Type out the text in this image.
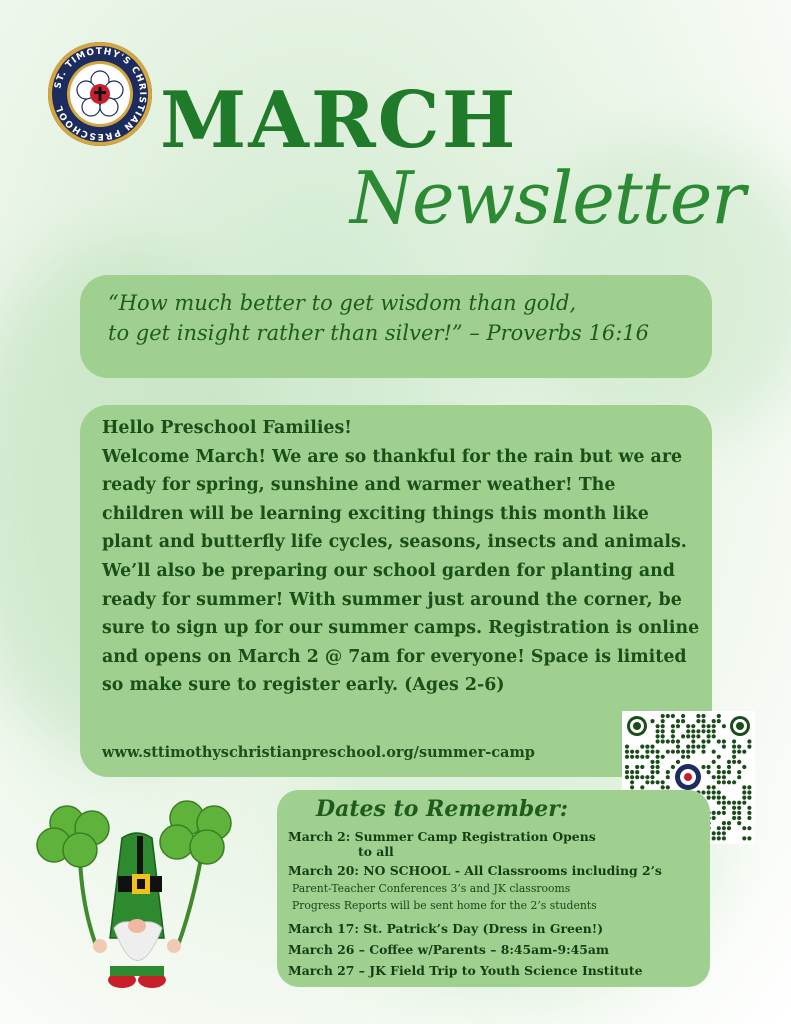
ST. TIMOTHY'S CHRISTIAN PRESCHOOL	MARCH
Newsletter
“How much better to get wisdom than gold,
to get insight rather than silver!” – Proverbs 16:16
Hello Preschool Families!
Welcome March! We are so thankful for the rain but we are ready for spring, sunshine and warmer weather! The children will be learning exciting things this month like plant and butterfly life cycles, seasons, insects and animals. We’ll also be preparing our school garden for planting and ready for summer! With summer just around the corner, be sure to sign up for our summer camps. Registration is online and opens on March 2 @ 7am for everyone! Space is limited so make sure to register early. (Ages 2-6)
www.sttimothyschristianpreschool.org/summer-camp
Dates to Remember:
March 2: Summer Camp Registration Opens
to all
March 20: NO SCHOOL - All Classrooms including 2’s
Parent-Teacher Conferences 3’s and JK classrooms
Progress Reports will be sent home for the 2’s students
March 17: St. Patrick’s Day (Dress in Green!)
March 26 – Coffee w/Parents – 8:45am-9:45am
March 27 – JK Field Trip to Youth Science Institute
